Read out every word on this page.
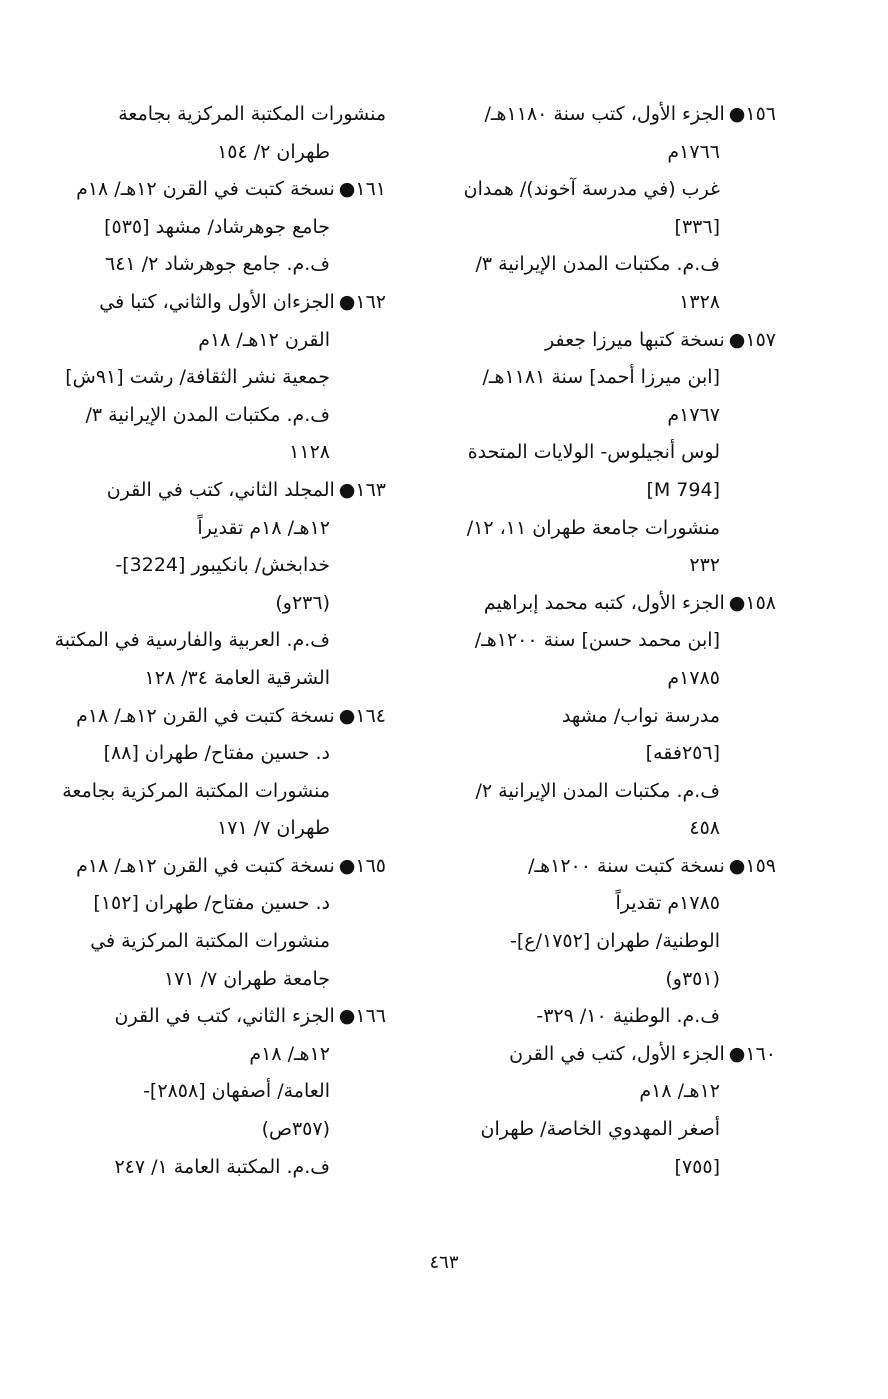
١٥٦●الجزء الأول، كتب سنة ١١٨٠هـ/
١٧٦٦م
غرب (في مدرسة آخوند)/ همدان
[٣٣٦]
ف.م. مكتبات المدن الإيرانية ٣/
١٣٢٨
١٥٧●نسخة كتبها ميرزا جعفر
[ابن ميرزا أحمد] سنة ١١٨١هـ/
١٧٦٧م
لوس أنجيلوس- الولايات المتحدة
[M 794]
منشورات جامعة طهران ١١، ١٢/
٢٣٢
١٥٨●الجزء الأول، كتبه محمد إبراهيم
[ابن محمد حسن] سنة ١٢٠٠هـ/
١٧٨٥م
مدرسة نواب/ مشهد
[٢٥٦فقه]
ف.م. مكتبات المدن الإيرانية ٢/
٤٥٨
١٥٩●نسخة كتبت سنة ١٢٠٠هـ/
١٧٨٥م تقديراً
الوطنية/ طهران [١٧٥٢/ع]-
(٣٥١و)
ف.م. الوطنية ١٠/ ٣٢٩-
١٦٠●الجزء الأول، كتب في القرن
١٢هـ/ ١٨م
أصغر المهدوي الخاصة/ طهران
[٧٥٥]
منشورات المكتبة المركزية بجامعة
طهران ٢/ ١٥٤
١٦١●نسخة كتبت في القرن ١٢هـ/ ١٨م
جامع جوهرشاد/ مشهد [٥٣٥]
ف.م. جامع جوهرشاد ٢/ ٦٤١
١٦٢●الجزءان الأول والثاني، كتبا في
القرن ١٢هـ/ ١٨م
جمعية نشر الثقافة/ رشت [٩١ش]
ف.م. مكتبات المدن الإيرانية ٣/
١١٢٨
١٦٣●المجلد الثاني، كتب في القرن
١٢هـ/ ١٨م تقديراً
خدابخش/ بانكيبور [3224]-
(٢٣٦و)
ف.م. العربية والفارسية في المكتبة
الشرقية العامة ٣٤/ ١٢٨
١٦٤●نسخة كتبت في القرن ١٢هـ/ ١٨م
د. حسين مفتاح/ طهران [٨٨]
منشورات المكتبة المركزية بجامعة
طهران ٧/ ١٧١
١٦٥●نسخة كتبت في القرن ١٢هـ/ ١٨م
د. حسين مفتاح/ طهران [١٥٢]
منشورات المكتبة المركزية في
جامعة طهران ٧/ ١٧١
١٦٦●الجزء الثاني، كتب في القرن
١٢هـ/ ١٨م
العامة/ أصفهان [٢٨٥٨]-
(٣٥٧ص)
ف.م. المكتبة العامة ١/ ٢٤٧
٤٦٣
